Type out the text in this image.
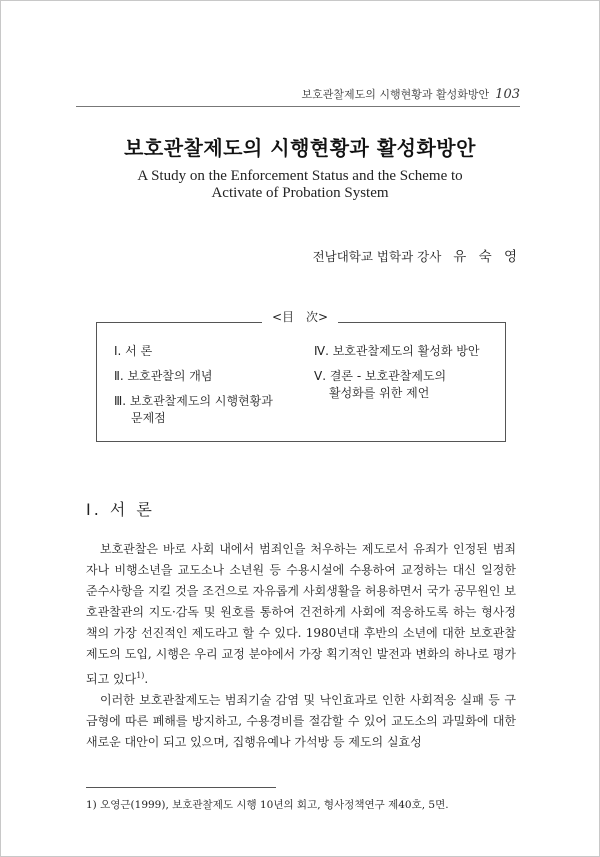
보호관찰제도의 시행현황과 활성화방안 103
보호관찰제도의 시행현황과 활성화방안
A Study on the Enforcement Status and the Scheme to
Activate of Probation System
전남대학교 법학과 강사 유 숙 영
<目　次>
Ⅰ. 서 론
Ⅱ. 보호관찰의 개념
Ⅲ. 보호관찰제도의 시행현황과
문제점
Ⅳ. 보호관찰제도의 활성화 방안
Ⅴ. 결론 - 보호관찰제도의
활성화를 위한 제언
Ⅰ. 서 론

보호관찰은 바로 사회 내에서 범죄인을 처우하는 제도로서 유죄가 인정된 범죄자나 비행소년을 교도소나 소년원 등 수용시설에 수용하여 교정하는 대신 일정한 준수사항을 지킬 것을 조건으로 자유롭게 사회생활을 허용하면서 국가 공무원인 보호관찰관의 지도·감독 및 원호를 통하여 건전하게 사회에 적응하도록 하는 형사정책의 가장 선진적인 제도라고 할 수 있다. 1980년대 후반의 소년에 대한 보호관찰제도의 도입, 시행은 우리 교정 분야에서 가장 획기적인 발전과 변화의 하나로 평가되고 있다$^{1)}$.

이러한 보호관찰제도는 범죄기술 감염 및 낙인효과로 인한 사회적응 실패 등 구금형에 따른 폐해를 방지하고, 수용경비를 절감할 수 있어 교도소의 과밀화에 대한 새로운 대안이 되고 있으며, 집행유예나 가석방 등 제도의 실효성

1) 오영근(1999), 보호관찰제도 시행 10년의 회고, 형사정책연구 제40호, 5면.
